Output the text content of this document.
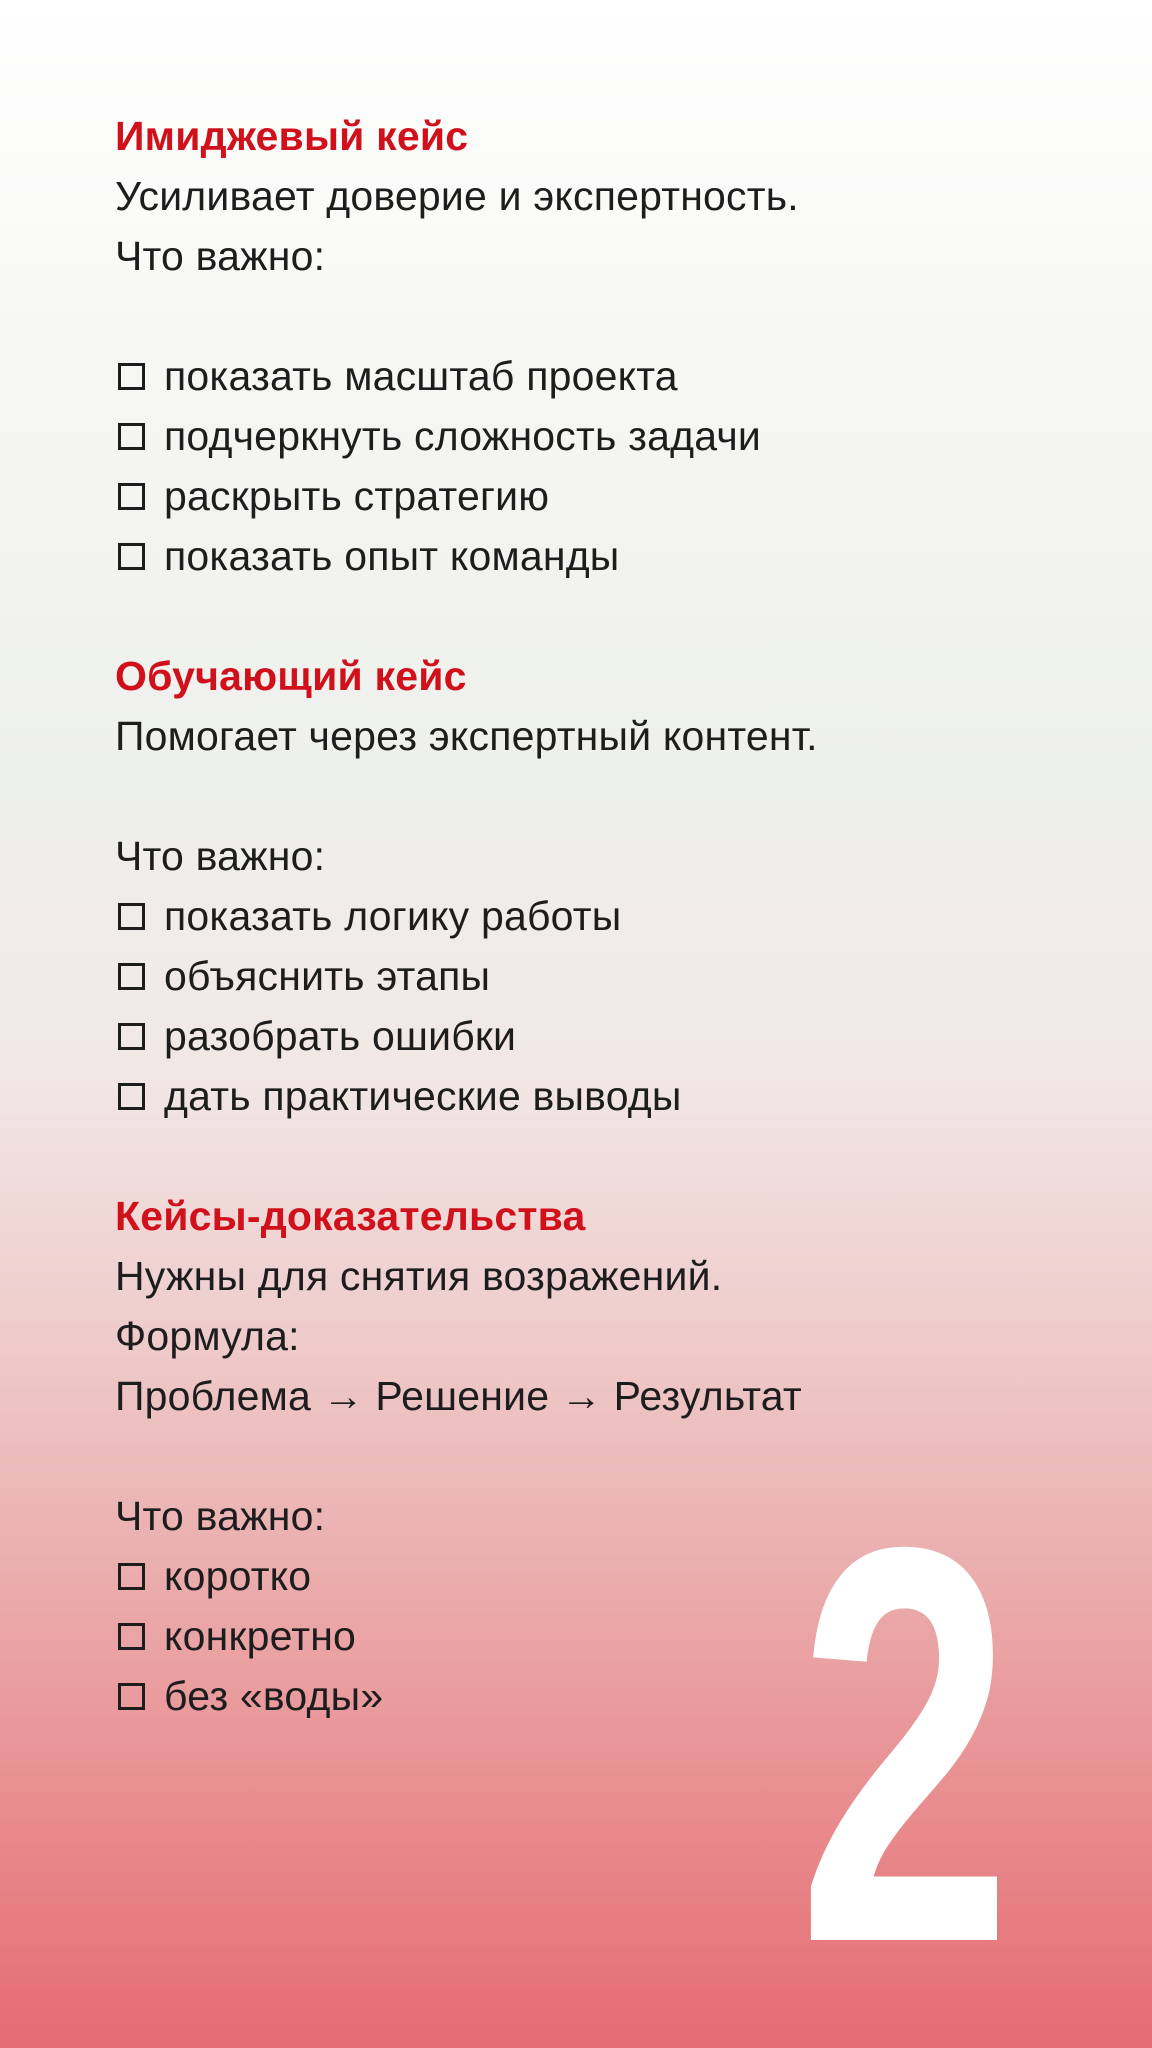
Имиджевый кейс
Усиливает доверие и экспертность.
Что важно:
показать масштаб проекта
подчеркнуть сложность задачи
раскрыть стратегию
показать опыт команды
Обучающий кейс
Помогает через экспертный контент.
Что важно:
показать логику работы
объяснить этапы
разобрать ошибки
дать практические выводы
Кейсы-доказательства
Нужны для снятия возражений.
Формула:
Проблема → Решение → Результат
Что важно:
коротко
конкретно
без «воды» 2
